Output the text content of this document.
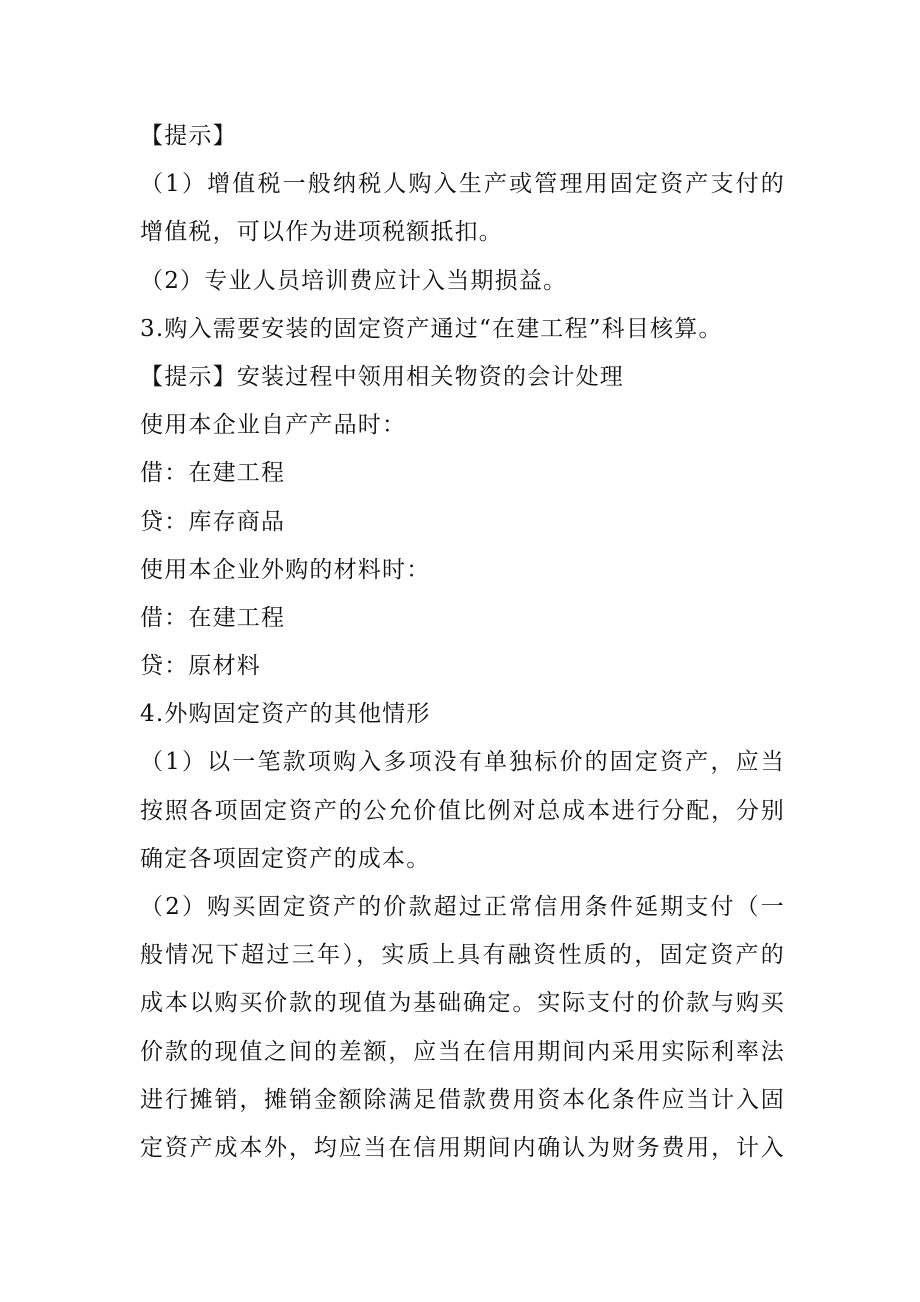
【提示】
（1）增值税一般纳税人购入生产或管理用固定资产支付的
增值税，可以作为进项税额抵扣。
（2）专业人员培训费应计入当期损益。
3.购入需要安装的固定资产通过“在建工程”科目核算。
【提示】安装过程中领用相关物资的会计处理
使用本企业自产产品时：
借：在建工程
贷：库存商品
使用本企业外购的材料时：
借：在建工程
贷：原材料
4.外购固定资产的其他情形
（1）以一笔款项购入多项没有单独标价的固定资产，应当
按照各项固定资产的公允价值比例对总成本进行分配，分别
确定各项固定资产的成本。
（2）购买固定资产的价款超过正常信用条件延期支付（一
般情况下超过三年），实质上具有融资性质的，固定资产的
成本以购买价款的现值为基础确定。实际支付的价款与购买
价款的现值之间的差额，应当在信用期间内采用实际利率法
进行摊销，摊销金额除满足借款费用资本化条件应当计入固
定资产成本外，均应当在信用期间内确认为财务费用，计入
